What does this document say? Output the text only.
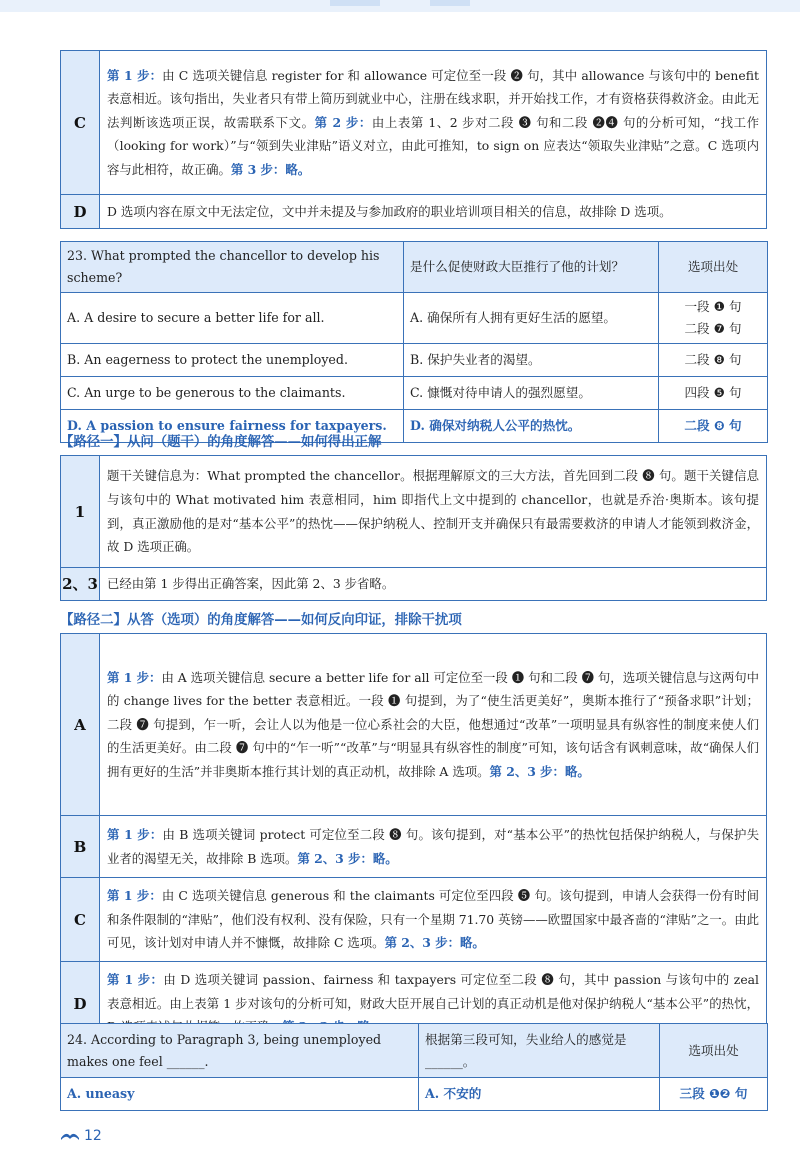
C	第 1 步：由 C 选项关键信息 register for 和 allowance 可定位至一段 ❷ 句，其中 allowance 与该句中的 benefit 表意相近。该句指出，失业者只有带上简历到就业中心，注册在线求职，并开始找工作，才有资格获得救济金。由此无法判断该选项正误，故需联系下文。第 2 步：由上表第 1、2 步对二段 ❸ 句和二段 ❷❹ 句的分析可知，“找工作（looking for work）”与“领到失业津贴”语义对立，由此可推知，to sign on 应表达“领取失业津贴”之意。C 选项内容与此相符，故正确。第 3 步：略。
D	D 选项内容在原文中无法定位，文中并未提及与参加政府的职业培训项目相关的信息，故排除 D 选项。
23. What prompted the chancellor to develop his scheme?	是什么促使财政大臣推行了他的计划？	选项出处
A. A desire to secure a better life for all.	A. 确保所有人拥有更好生活的愿望。	一段 ❶ 句
二段 ❼ 句

B. An eagerness to protect the unemployed.	B. 保护失业者的渴望。	二段 ❽ 句
C. An urge to be generous to the claimants.	C. 慷慨对待申请人的强烈愿望。	四段 ❺ 句
D. A passion to ensure fairness for taxpayers.	D. 确保对纳税人公平的热忱。	二段 ❽ 句
【路径一】从问（题干）的角度解答——如何得出正解
1	题干关键信息为：What prompted the chancellor。根据理解原文的三大方法，首先回到二段 ❽ 句。题干关键信息与该句中的 What motivated him 表意相同，him 即指代上文中提到的 chancellor，也就是乔治·奥斯本。该句提到，真正激励他的是对“基本公平”的热忱——保护纳税人、控制开支并确保只有最需要救济的申请人才能领到救济金，故 D 选项正确。
2、3	已经由第 1 步得出正确答案，因此第 2、3 步省略。
【路径二】从答（选项）的角度解答——如何反向印证，排除干扰项
A	第 1 步：由 A 选项关键信息 secure a better life for all 可定位至一段 ❶ 句和二段 ❼ 句，选项关键信息与这两句中的 change lives for the better 表意相近。一段 ❶ 句提到，为了“使生活更美好”，奥斯本推行了“预备求职”计划；二段 ❼ 句提到，乍一听，会让人以为他是一位心系社会的大臣，他想通过“改革”一项明显具有纵容性的制度来使人们的生活更美好。由二段 ❼ 句中的“乍一听”“改革”与“明显具有纵容性的制度”可知，该句话含有讽刺意味，故“确保人们拥有更好的生活”并非奥斯本推行其计划的真正动机，故排除 A 选项。第 2、3 步：略。
B	第 1 步：由 B 选项关键词 protect 可定位至二段 ❽ 句。该句提到，对“基本公平”的热忱包括保护纳税人，与保护失业者的渴望无关，故排除 B 选项。第 2、3 步：略。
C	第 1 步：由 C 选项关键信息 generous 和 the claimants 可定位至四段 ❺ 句。该句提到，申请人会获得一份有时间和条件限制的“津贴”，他们没有权利、没有保险，只有一个星期 71.70 英镑——欧盟国家中最吝啬的“津贴”之一。由此可见，该计划对申请人并不慷慨，故排除 C 选项。第 2、3 步：略。
D	第 1 步：由 D 选项关键词 passion、fairness 和 taxpayers 可定位至二段 ❽ 句，其中 passion 与该句中的 zeal 表意相近。由上表第 1 步对该句的分析可知，财政大臣开展自己计划的真正动机是他对保护纳税人“基本公平”的热忱，
24. According to Paragraph 3, being unemployed makes one feel ______.	根据第三段可知，失业给人的感觉是______。	选项出处
A. uneasy	A. 不安的	三段 ❶❷ 句
12
